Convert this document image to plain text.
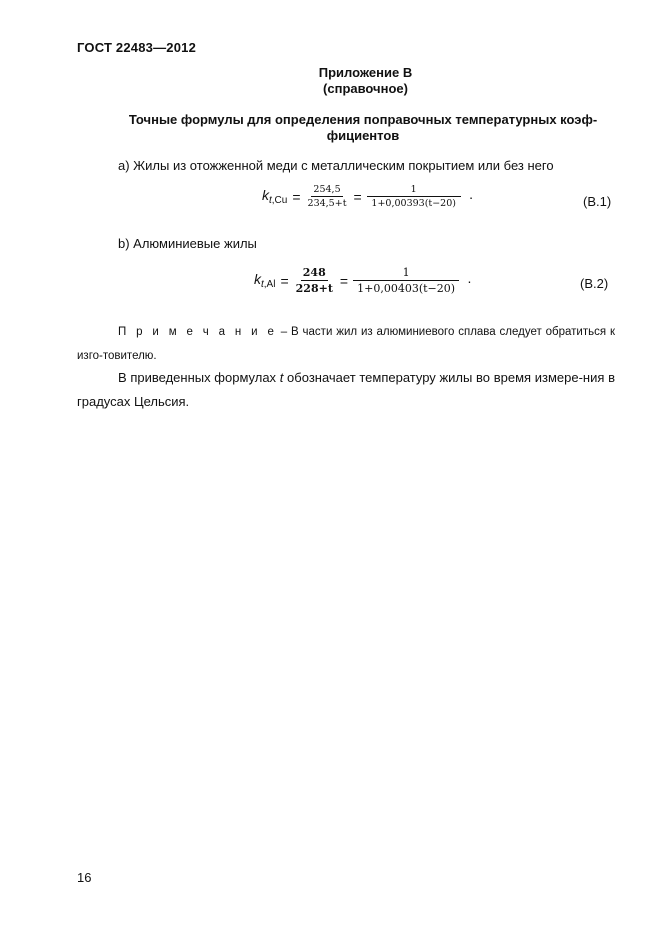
ГОСТ 22483—2012
Приложение В
(справочное)
Точные формулы для определения поправочных температурных коэф-
фициентов
а) Жилы из отожженной меди с металлическим покрытием или без него
$k_{t,Cu} = \frac{254,5}{234,5+t} = \frac{1}{1+0,00393(t-20)}$ ·	(В.1)
b) Алюминиевые жилы
$k_{t,Al} = \frac{248}{228+t} = \frac{1}{1+0,00403(t-20)}$ ·	(В.2)
П р и м е ч а н и е – В части жил из алюминиевого сплава следует обратиться к изго-товителю.
В приведенных формулах t обозначает температуру жилы во время измере-ния в градусах Цельсия.
16
